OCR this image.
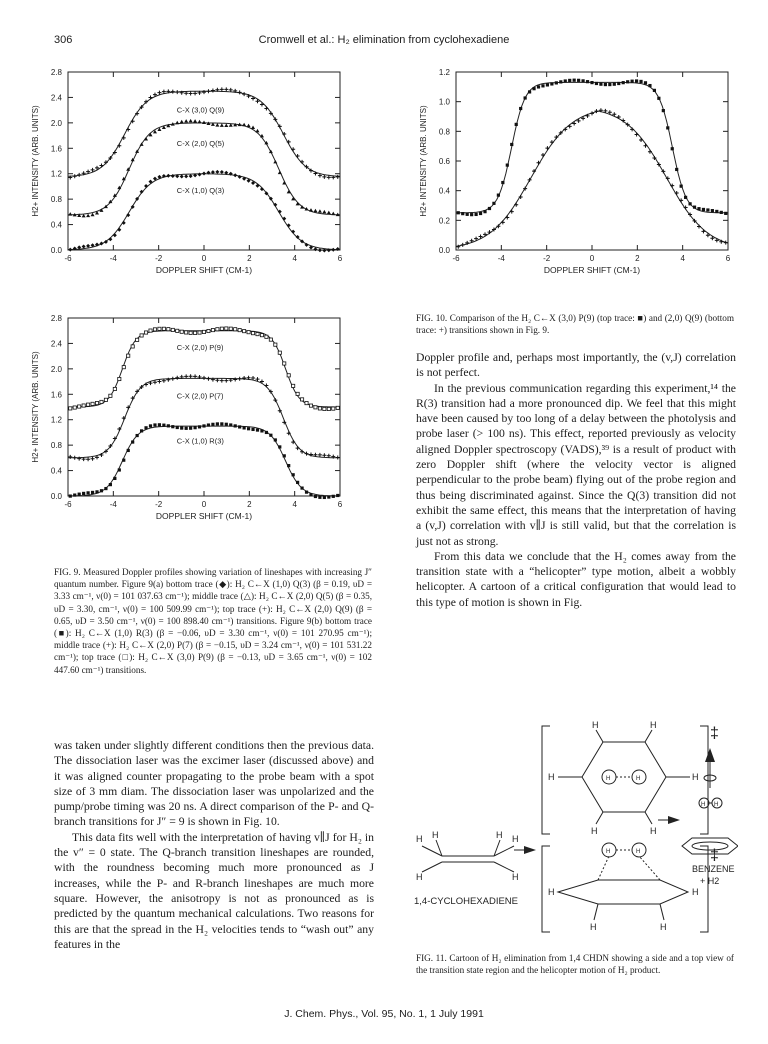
306	Cromwell et al.: H₂ elimination from cyclohexadiene
-6	-4	-2	0	2	4	6
0.0
0.4
0.8
1.2
1.6
2.0
2.4
2.8
DOPPLER SHIFT (CM-1)
H2+ INTENSITY (ARB. UNITS)	C-X (1,0) Q(3)
C-X (2,0) Q(5)
C-X (3,0) Q(9)
-6	-4	-2	0	2	4	6
0.0
0.2
0.4
0.6
0.8
1.0
1.2
DOPPLER SHIFT (CM-1)
H2+ INTENSITY (ARB. UNITS)
-6	-4	-2	0	2	4	6
0.0
0.4
0.8
1.2
1.6
2.0
2.4
2.8
DOPPLER SHIFT (CM-1)
H2+ INTENSITY (ARB. UNITS)	C-X (1,0) R(3)
C-X (2,0) P(7)
C-X (2,0) P(9)
FIG. 10. Comparison of the H₂ C←X (3,0) P(9) (top trace: ■) and (2,0) Q(9) (bottom trace: +) transitions shown in Fig. 9.
FIG. 9. Measured Doppler profiles showing variation of lineshapes with increasing J″ quantum number. Figure 9(a) bottom trace (◆): H₂ C←X (1,0) Q(3) (β = 0.19, υD = 3.33 cm⁻¹, ν(0) = 101 037.63 cm⁻¹); middle trace (△): H₂ C←X (2,0) Q(5) (β = 0.35, υD = 3.30, cm⁻¹, ν(0) = 100 509.99 cm⁻¹); top trace (+): H₂ C←X (2,0) Q(9) (β = 0.65, υD = 3.50 cm⁻¹, ν(0) = 100 898.40 cm⁻¹) transitions. Figure 9(b) bottom trace (■): H₂ C←X (1,0) R(3) (β = −0.06, υD = 3.30 cm⁻¹, ν(0) = 101 270.95 cm⁻¹); middle trace (+): H₂ C←X (2,0) P(7) (β = −0.15, υD = 3.24 cm⁻¹, ν(0) = 101 531.22 cm⁻¹); top trace (□): H₂ C←X (3,0) P(9) (β = −0.13, υD = 3.65 cm⁻¹, ν(0) = 102 447.60 cm⁻¹) transitions.

was taken under slightly different conditions then the previous data. The dissociation laser was the excimer laser (discussed above) and it was aligned counter propagating to the probe beam with a spot size of 3 mm diam. The dissociation laser was unpolarized and the pump/probe timing was 20 ns. A direct comparison of the P- and Q-branch transitions for J″ = 9 is shown in Fig. 10.

This data fits well with the interpretation of having v∥J for H₂ in the v″ = 0 state. The Q-branch transition lineshapes are rounded, with the roundness becoming much more pronounced as J increases, while the P- and R-branch lineshapes are much more square. However, the anisotropy is not as pronounced as is predicted by the quantum mechanical calculations. Two reasons for this are that the spread in the H₂ velocities tends to “wash out” any features in the

Doppler profile and, perhaps most importantly, the (v,J) correlation is not perfect.

In the previous communication regarding this experiment,¹⁴ the R(3) transition had a more pronounced dip. We feel that this might have been caused by too long of a delay between the photolysis and probe laser (> 100 ns). This effect, reported previously as velocity aligned Doppler spectroscopy (VADS),³⁹ is a result of product with zero Doppler shift (where the velocity vector is aligned perpendicular to the probe beam) flying out of the probe region and thus being discriminated against. Since the Q(3) transition did not exhibit the same effect, this means that the interpretation of having a (v,J) correlation with v∥J is still valid, but that the correlation is just not as strong.

From this data we conclude that the H₂ comes away from the transition state with a “helicopter” type motion, albeit a wobbly helicopter. A cartoon of a critical configuration that would lead to this type of motion is shown in Fig.

H	H
H	H
H	H
H	H
H	H
H H
H	H
H	H
H H	H H
H	H
1,4-CYCLOHEXADIENE
BENZENE
+ H2
‡
‡
FIG. 11. Cartoon of H₂ elimination from 1,4 CHDN showing a side and a top view of the transition state region and the helicopter motion of H₂ product.
J. Chem. Phys., Vol. 95, No. 1, 1 July 1991
